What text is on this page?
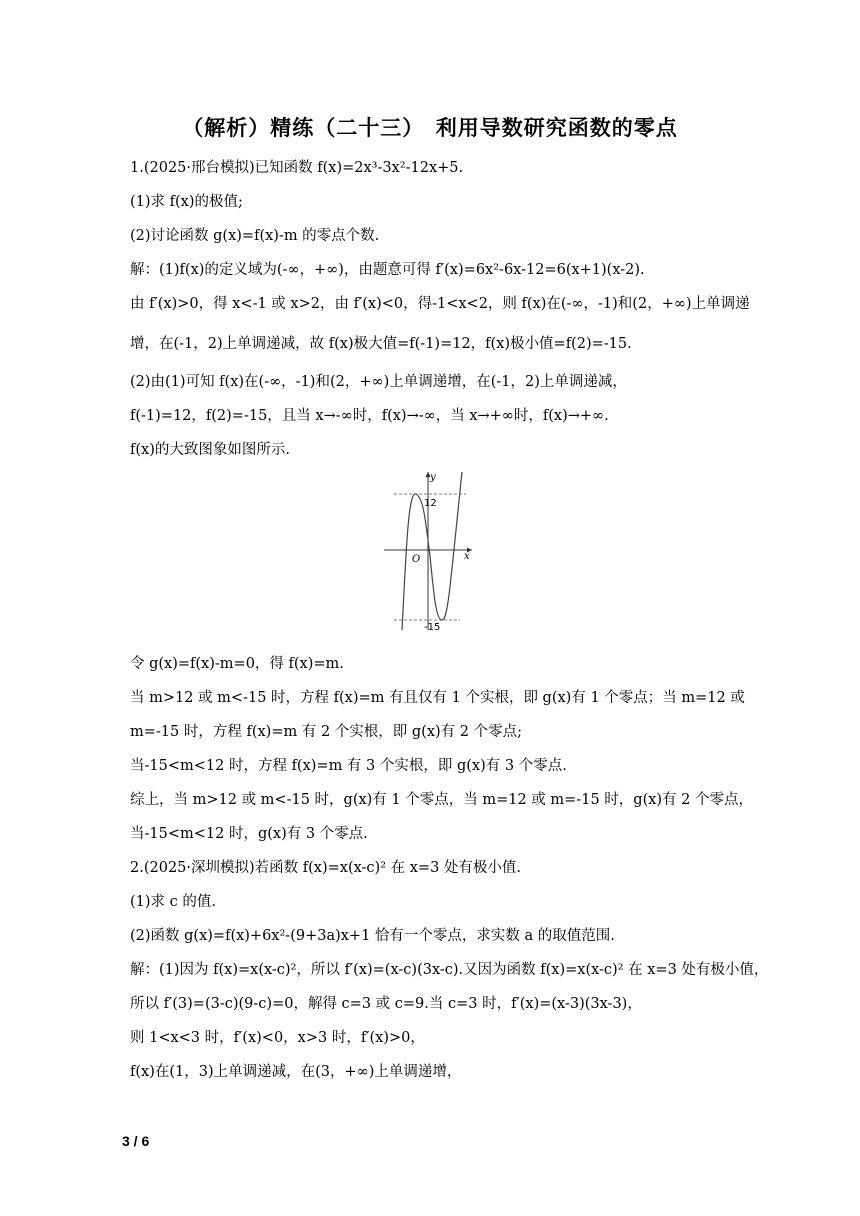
（解析）精练（二十三）　利用导数研究函数的零点
1.(2025·邢台模拟)已知函数 f(x)=2x³-3x²-12x+5.
(1)求 f(x)的极值;
(2)讨论函数 g(x)=f(x)-m 的零点个数.
解：(1)f(x)的定义域为(-∞，+∞)，由题意可得 f′(x)=6x²-6x-12=6(x+1)(x-2).
由 f′(x)>0，得 x<-1 或 x>2，由 f′(x)<0，得-1<x<2，则 f(x)在(-∞，-1)和(2，+∞)上单调递
增，在(-1，2)上单调递减，故 f(x)极大值=f(-1)=12，f(x)极小值=f(2)=-15.
(2)由(1)可知 f(x)在(-∞，-1)和(2，+∞)上单调递增，在(-1，2)上单调递减，
f(-1)=12，f(2)=-15，且当 x→-∞时，f(x)→-∞，当 x→+∞时，f(x)→+∞.
f(x)的大致图象如图所示.
y
x
O
12
-15
令 g(x)=f(x)-m=0，得 f(x)=m.
当 m>12 或 m<-15 时，方程 f(x)=m 有且仅有 1 个实根，即 g(x)有 1 个零点；当 m=12 或
m=-15 时，方程 f(x)=m 有 2 个实根，即 g(x)有 2 个零点;
当-15<m<12 时，方程 f(x)=m 有 3 个实根，即 g(x)有 3 个零点.
综上，当 m>12 或 m<-15 时，g(x)有 1 个零点，当 m=12 或 m=-15 时，g(x)有 2 个零点，
当-15<m<12 时，g(x)有 3 个零点.
2.(2025·深圳模拟)若函数 f(x)=x(x-c)² 在 x=3 处有极小值.
(1)求 c 的值.
(2)函数 g(x)=f(x)+6x²-(9+3a)x+1 恰有一个零点，求实数 a 的取值范围.
解：(1)因为 f(x)=x(x-c)²，所以 f′(x)=(x-c)(3x-c).又因为函数 f(x)=x(x-c)² 在 x=3 处有极小值，
所以 f′(3)=(3-c)(9-c)=0，解得 c=3 或 c=9.当 c=3 时，f′(x)=(x-3)(3x-3)，
则 1<x<3 时，f′(x)<0，x>3 时，f′(x)>0，
f(x)在(1，3)上单调递减，在(3，+∞)上单调递增，
3 / 6
